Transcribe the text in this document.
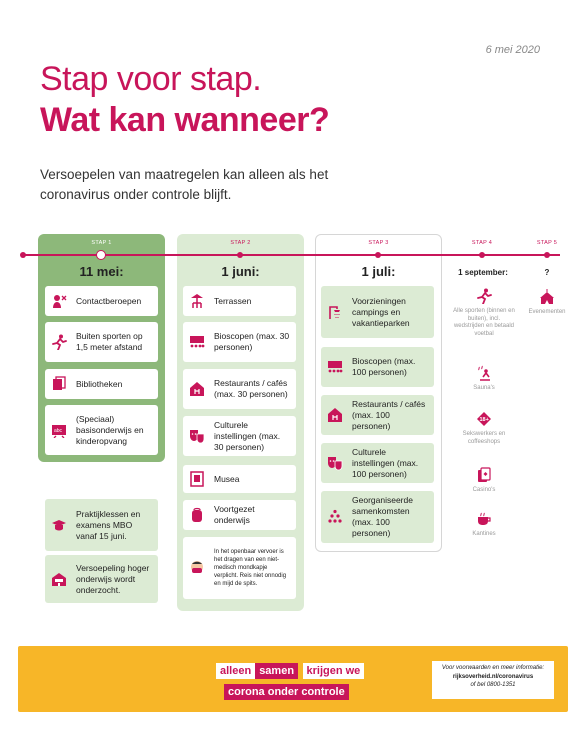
6 mei 2020
Stap voor stap.
Wat kan wanneer?

Versoepelen van maatregelen kan alleen als het coronavirus onder controle blijft.

STAP 1	STAP 2	STAP 3	STAP 4	STAP 5
11 mei:	1 juni:	1 juli:	1 september:	?
Contactberoepen
Buiten sporten op 1,5 meter afstand
Bibliotheken
abc
(Speciaal) basisonderwijs en kinderopvang
Praktijklessen en examens MBO vanaf 15 juni.
Versoepeling hoger onderwijs wordt onderzocht.
Terrassen
Bioscopen (max. 30 personen)
Restaurants / cafés (max. 30 personen)
Culturele instellingen (max. 30 personen)
Musea
Voortgezet onderwijs
In het openbaar vervoer is het dragen van een niet-medisch mondkapje verplicht. Reis niet onnodig en mijd de spits.
Voorzieningen campings en vakantieparken
Bioscopen (max. 100 personen)
Restaurants / cafés (max. 100 personen)
Culturele instellingen (max. 100 personen)
Georganiseerde samenkomsten (max. 100 personen)
Alle sporten (binnen en buiten), incl. wedstrijden en betaald voetbal
Sauna's
18+
Sekswerkers en coffeeshops
Casino's
Kantines
Evenementen
alleen samen krijgen we
corona onder controle
Voor voorwaarden en meer informatie:
rijksoverheid.nl/coronavirus
of bel 0800-1351
